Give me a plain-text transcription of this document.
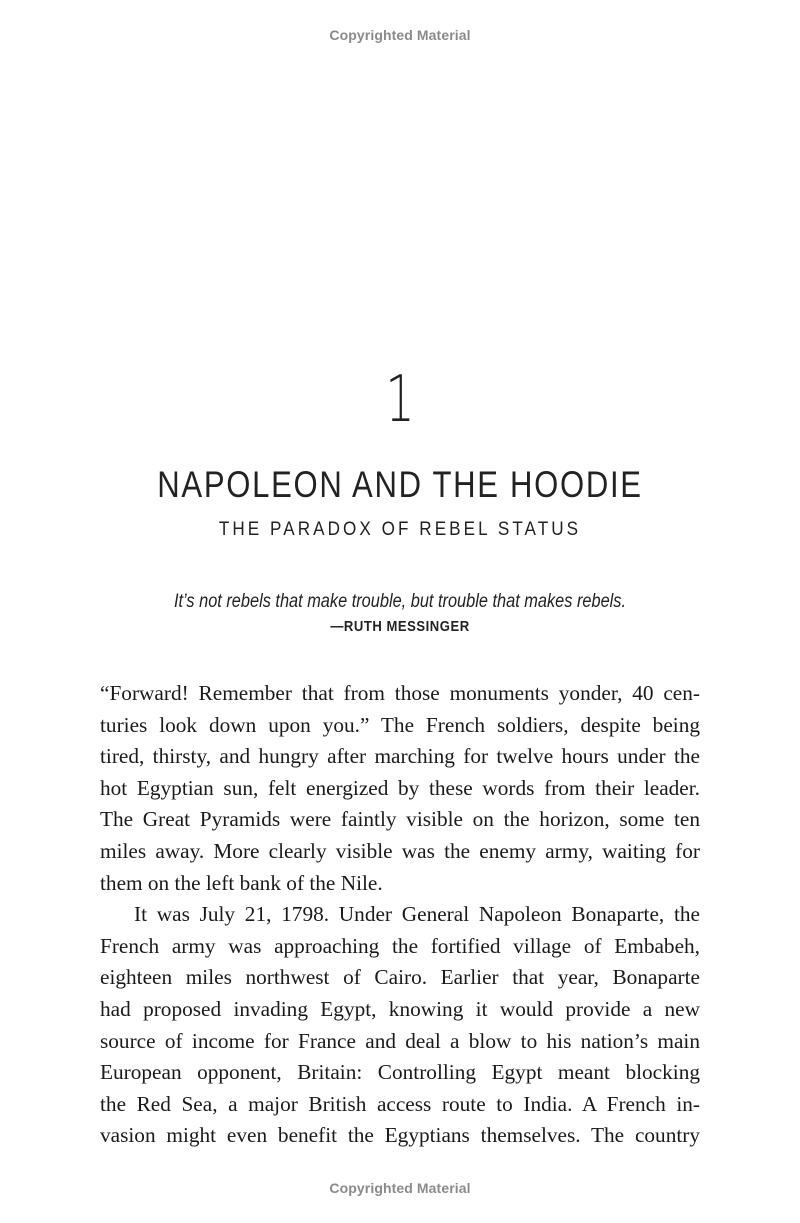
Copyrighted Material
1
NAPOLEON AND THE HOODIE
THE PARADOX OF REBEL STATUS
It’s not rebels that make trouble, but trouble that makes rebels.
—RUTH MESSINGER
“Forward! Remember that from those monuments yonder, 40 cen-
turies look down upon you.” The French soldiers, despite being
tired, thirsty, and hungry after marching for twelve hours under the
hot Egyptian sun, felt energized by these words from their leader.
The Great Pyramids were faintly visible on the horizon, some ten
miles away. More clearly visible was the enemy army, waiting for
them on the left bank of the Nile.
It was July 21, 1798. Under General Napoleon Bonaparte, the
French army was approaching the fortified village of Embabeh,
eighteen miles northwest of Cairo. Earlier that year, Bonaparte
had proposed invading Egypt, knowing it would provide a new
source of income for France and deal a blow to his nation’s main
European opponent, Britain: Controlling Egypt meant blocking
the Red Sea, a major British access route to India. A French in-
vasion might even benefit the Egyptians themselves. The country
Copyrighted Material
